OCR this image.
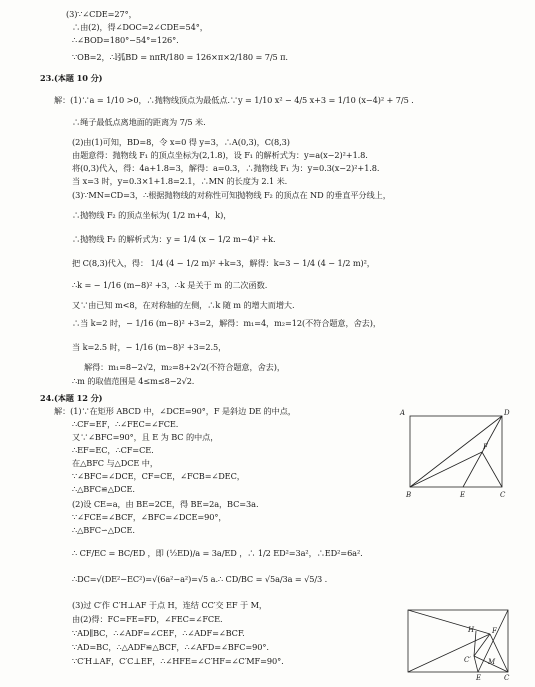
(3)∵∠CDE=27°，
∴由(2)，得∠DOC=2∠CDE=54°，
∴∠BOD=180°−54°=126°.
∵OB=2，∴l弧BD = nπR/180 = 126×π×2/180 = 7/5 π.
23.(本题 10 分)
解：(1)∵a = 1/10 >0，∴抛物线顶点为最低点.∵y = 1/10 x² − 4/5 x+3 = 1/10 (x−4)² + 7/5 .
∴绳子最低点离地面的距离为 7/5 米.
(2)由(1)可知，BD=8，令 x=0 得 y=3，∴A(0,3)，C(8,3)
由题意得：抛物线 F₁ 的顶点坐标为(2,1.8)，设 F₁ 的解析式为：y=a(x−2)²+1.8.
将(0,3)代入，得：4a+1.8=3，解得：a=0.3，∴抛物线 F₁ 为：y=0.3(x−2)²+1.8.
当 x=3 时，y=0.3×1+1.8=2.1，∴MN 的长度为 2.1 米.
(3)∵MN=CD=3，∴根据抛物线的对称性可知抛物线 F₂ 的顶点在 ND 的垂直平分线上，
∴抛物线 F₂ 的顶点坐标为( 1/2 m+4，k)，
∴抛物线 F₂ 的解析式为：y = 1/4 (x − 1/2 m−4)² +k.
把 C(8,3)代入，得： 1/4 (4 − 1/2 m)² +k=3，解得：k=3 − 1/4 (4 − 1/2 m)²，
∴k = − 1/16 (m−8)² +3，∴k 是关于 m 的二次函数.
又∵由已知 m<8，在对称轴的左侧，∴k 随 m 的增大而增大.
∴当 k=2 时，− 1/16 (m−8)² +3=2，解得：m₁=4，m₂=12(不符合题意，舍去)，
当 k=2.5 时，− 1/16 (m−8)² +3=2.5，
解得：m₁=8−2√2，m₂=8+2√2(不符合题意，舍去)，
∴m 的取值范围是 4≤m≤8−2√2.
24.(本题 12 分)
解：(1)∵在矩形 ABCD 中，∠DCE=90°，F 是斜边 DE 的中点，
∴CF=EF，∴∠FEC=∠FCE.
又∵∠BFC=90°，且 E 为 BC 的中点，
∴EF=EC，∴CF=CE.
在△BFC 与△DCE 中，
∵∠BFC=∠DCE，CF=CE，∠FCB=∠DEC，
∴△BFC≌△DCE.
(2)设 CE=a，由 BE=2CE，得 BE=2a，BC=3a.
∵∠FCE=∠BCF，∠BFC=∠DCE=90°，
∴△BFC∽△DCE.
∴ CF/EC = BC/ED ，即 (½ED)/a = 3a/ED ，∴ 1/2 ED²=3a²，∴ED²=6a².
∴DC=√(DE²−EC²)=√(6a²−a²)=√5 a.∴ CD/BC = √5a/3a = √5/3 .
(3)过 C′作 C′H⊥AF 于点 H，连结 CC′交 EF 于 M，
由(2)得：FC=FE=FD，∠FEC=∠FCE.
∵AD∥BC，∴∠ADF=∠CEF，∴∠ADF=∠BCF.
∵AD=BC，∴△ADF≌△BCF，∴∠AFD=∠BFC=90°.
∵C′H⊥AF，C′C⊥EF，∴∠HFE=∠C′HF=∠C′MF=90°.
A	D
F
B	E	C
H	F
C′ M
E	C
